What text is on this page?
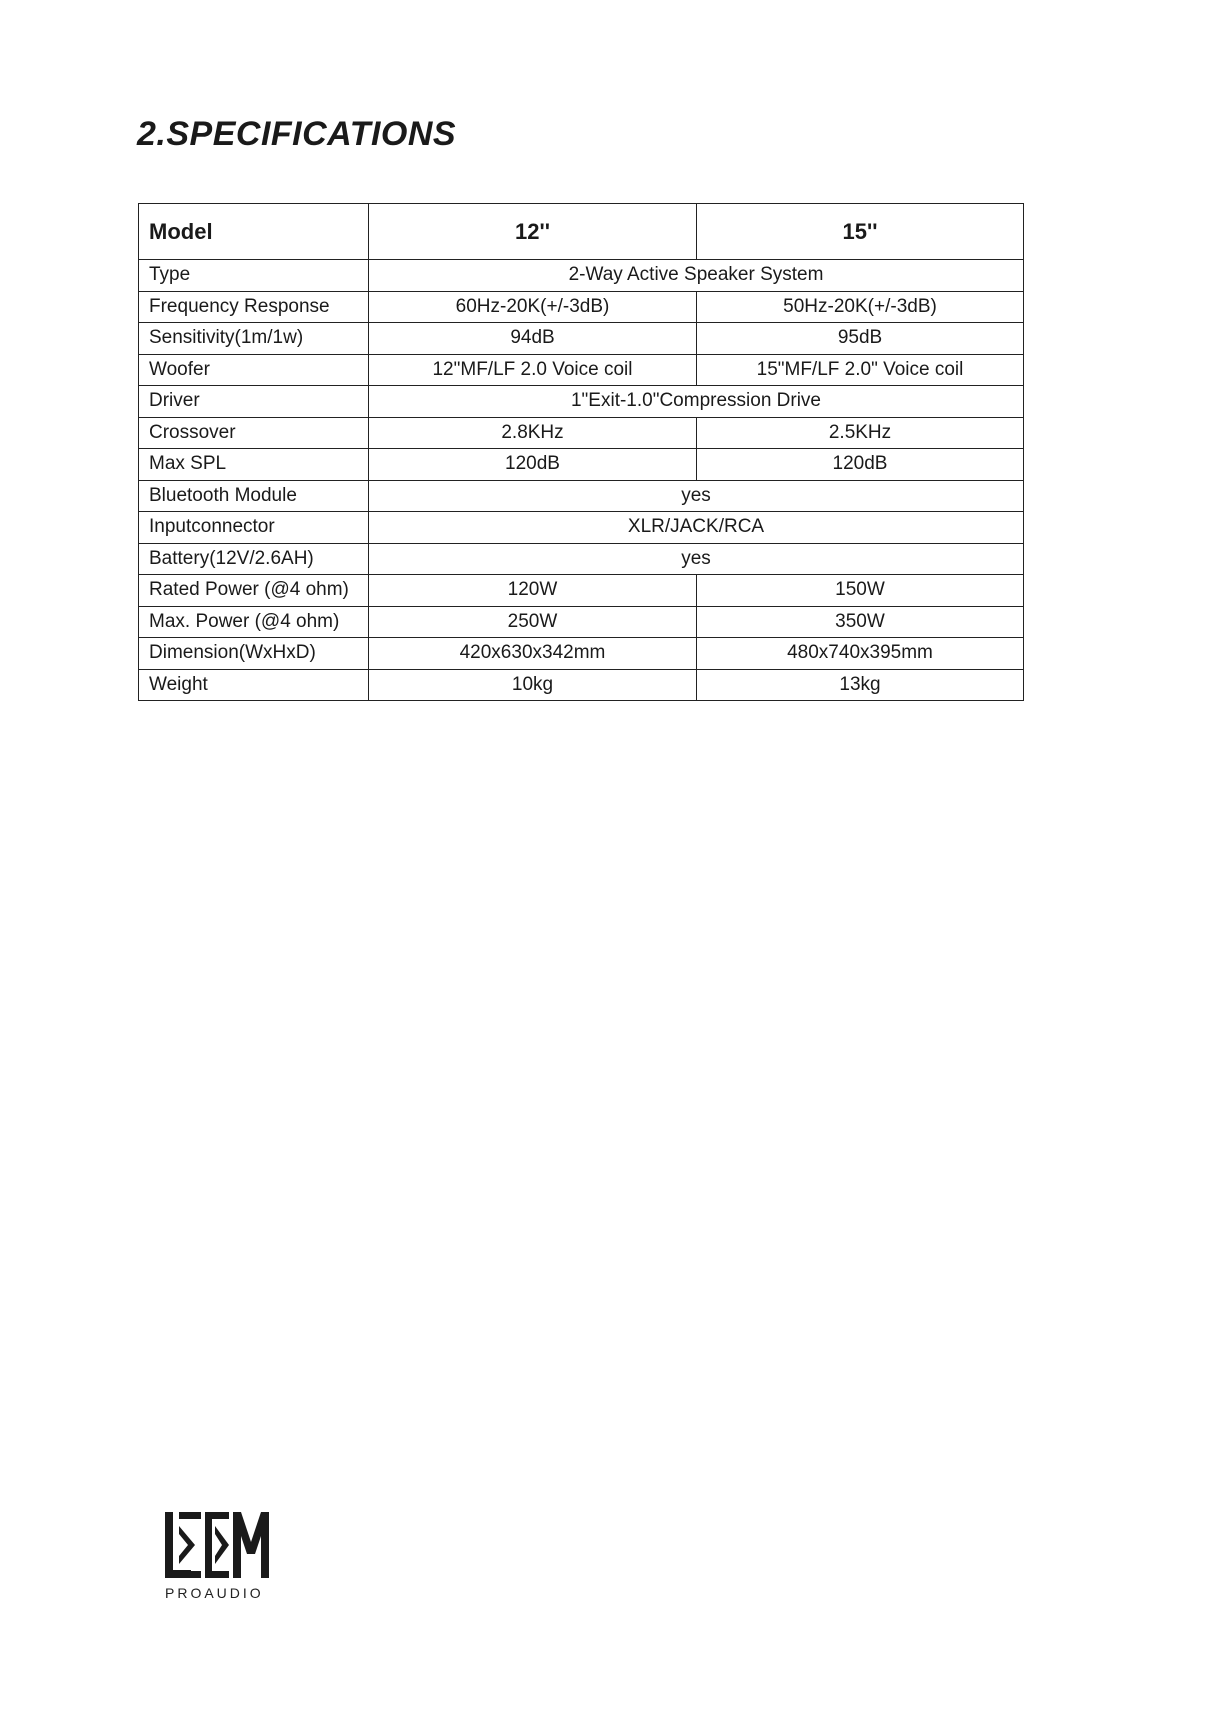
2.SPECIFICATIONS
Model	12''	15''
Type	2-Way Active Speaker System	
Frequency Response	60Hz-20K(+/-3dB)	50Hz-20K(+/-3dB)
Sensitivity(1m/1w)	94dB	95dB
Woofer	12"MF/LF 2.0 Voice coil	15"MF/LF 2.0" Voice coil
Driver	1"Exit-1.0"Compression Drive	
Crossover	2.8KHz	2.5KHz
Max SPL	120dB	120dB
Bluetooth Module	yes	
Inputconnector	XLR/JACK/RCA	
Battery(12V/2.6AH)	yes	
Rated Power (@4 ohm)	120W	150W
Max. Power (@4 ohm)	250W	350W
Dimension(WxHxD)	420x630x342mm	480x740x395mm
Weight	10kg	13kg
PROAUDIO
